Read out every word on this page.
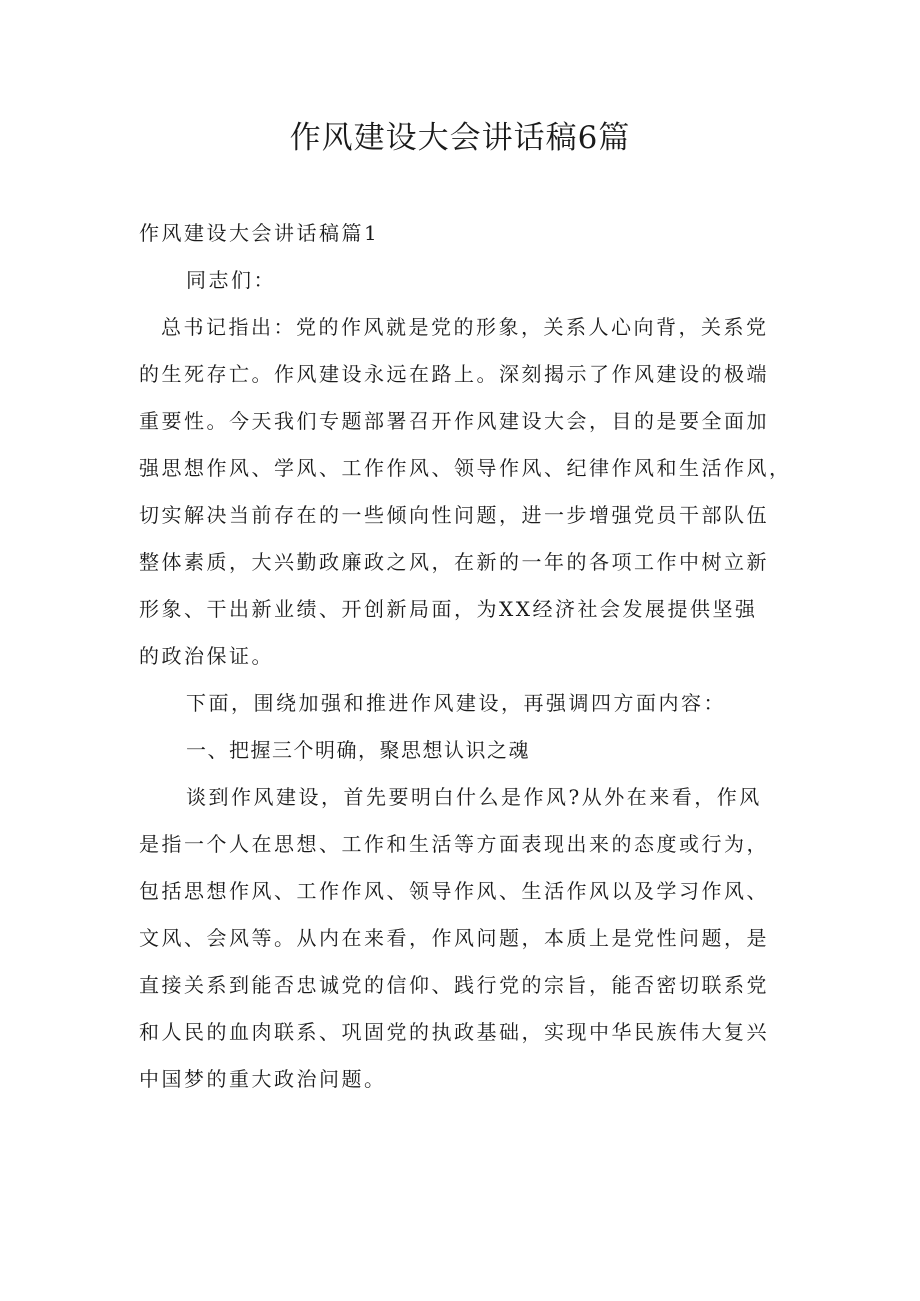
作风建设大会讲话稿6篇
作风建设大会讲话稿篇1
同志们：
总书记指出：党的作风就是党的形象，关系人心向背，关系党
的生死存亡。作风建设永远在路上。深刻揭示了作风建设的极端
重要性。今天我们专题部署召开作风建设大会，目的是要全面加
强思想作风、学风、工作作风、领导作风、纪律作风和生活作风，
切实解决当前存在的一些倾向性问题，进一步增强党员干部队伍
整体素质，大兴勤政廉政之风，在新的一年的各项工作中树立新
形象、干出新业绩、开创新局面，为XX经济社会发展提供坚强
的政治保证。
下面，围绕加强和推进作风建设，再强调四方面内容：
一、把握三个明确，聚思想认识之魂
谈到作风建设，首先要明白什么是作风?从外在来看，作风
是指一个人在思想、工作和生活等方面表现出来的态度或行为，
包括思想作风、工作作风、领导作风、生活作风以及学习作风、
文风、会风等。从内在来看，作风问题，本质上是党性问题，是
直接关系到能否忠诚党的信仰、践行党的宗旨，能否密切联系党
和人民的血肉联系、巩固党的执政基础，实现中华民族伟大复兴
中国梦的重大政治问题。
